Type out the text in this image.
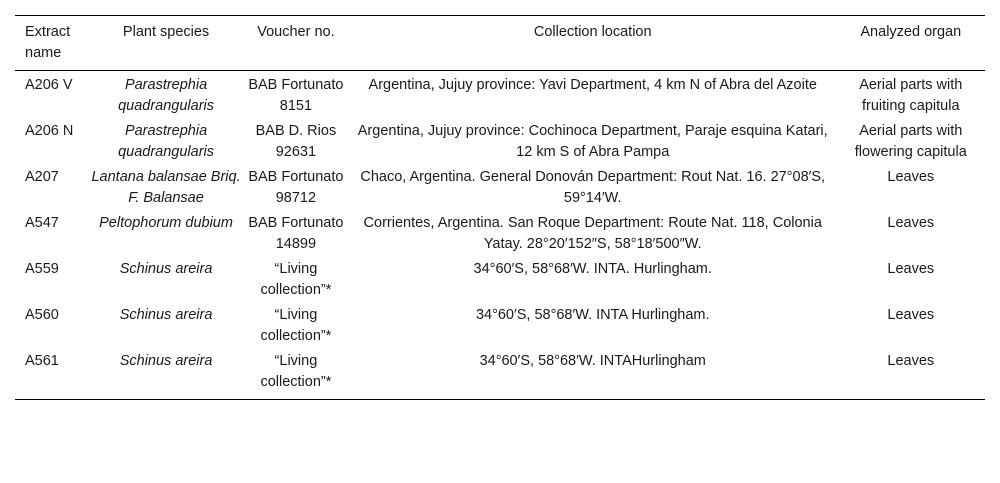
Extract name	Plant species	Voucher no.	Collection location	Analyzed organ
A206 V	Parastrephia quadrangularis	BAB Fortunato 8151	Argentina, Jujuy province: Yavi Department, 4 km N of Abra del Azoite	Aerial parts with fruiting capitula
A206 N	Parastrephia quadrangularis	BAB D. Rios 92631	Argentina, Jujuy province: Cochinoca Department, Paraje esquina Katari, 12 km S of Abra Pampa	Aerial parts with flowering capitula
A207	Lantana balansae Briq. F. Balansae	BAB Fortunato 98712	Chaco, Argentina. General Donován Department: Rout Nat. 16. 27°08′S, 59°14′W.	Leaves
A547	Peltophorum dubium	BAB Fortunato 14899	Corrientes, Argentina. San Roque Department: Route Nat. 118, Colonia Yatay. 28°20′152″S, 58°18′500″W.	Leaves
A559	Schinus areira	“Living collection”*	34°60′S, 58°68′W. INTA. Hurlingham.	Leaves
A560	Schinus areira	“Living collection”*	34°60′S, 58°68′W. INTA Hurlingham.	Leaves
A561	Schinus areira	“Living collection”*	34°60′S, 58°68′W. INTAHurlingham	Leaves
